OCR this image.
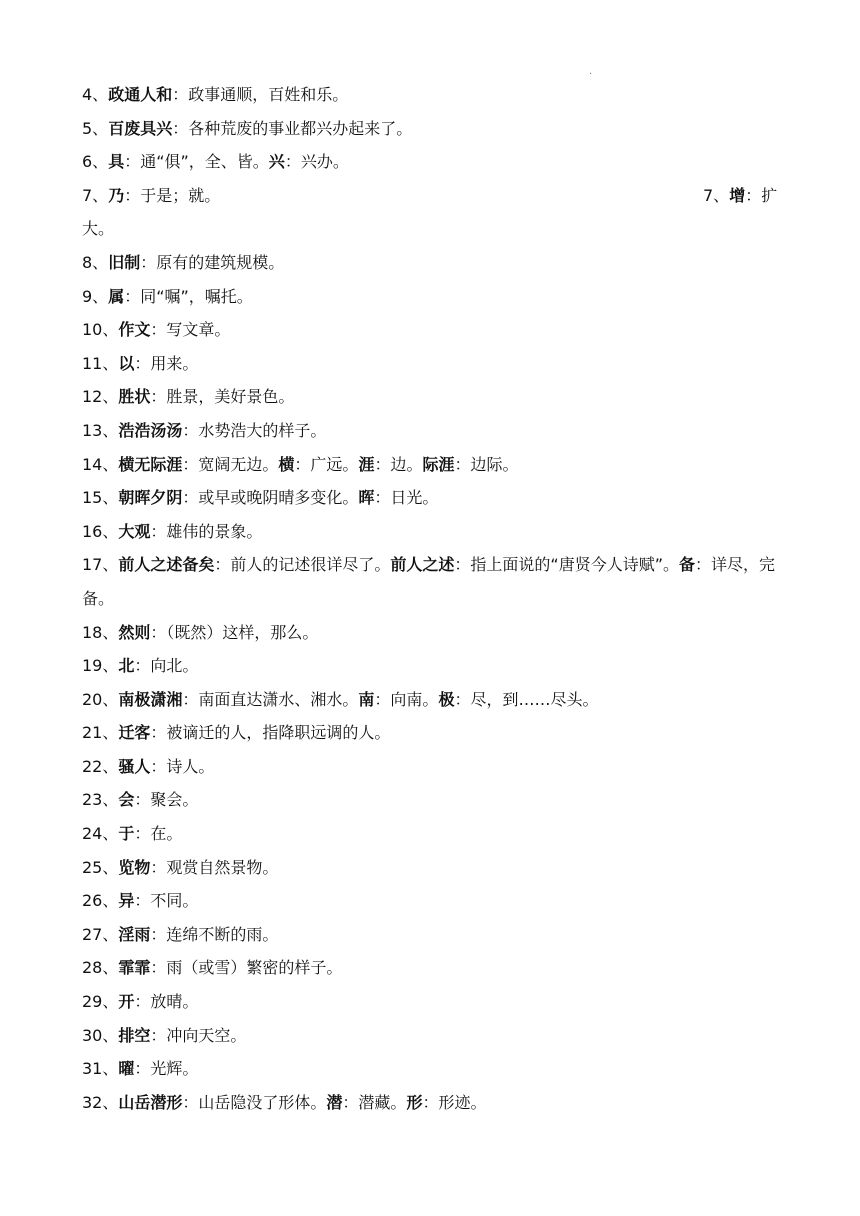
·
4、政通人和：政事通顺，百姓和乐。
5、百废具兴：各种荒废的事业都兴办起来了。
6、具：通“俱”，全、皆。兴：兴办。
7、乃：于是；就。	7、增：扩
大。
8、旧制：原有的建筑规模。
9、属：同“嘱”，嘱托。
10、作文：写文章。
11、以：用来。
12、胜状：胜景，美好景色。
13、浩浩汤汤：水势浩大的样子。
14、横无际涯：宽阔无边。横：广远。涯：边。际涯：边际。
15、朝晖夕阴：或早或晚阴晴多变化。晖：日光。
16、大观：雄伟的景象。
17、前人之述备矣：前人的记述很详尽了。前人之述：指上面说的“唐贤今人诗赋”。备：详尽，完备。
18、然则：（既然）这样，那么。
19、北：向北。
20、南极潇湘：南面直达潇水、湘水。南：向南。极：尽，到……尽头。
21、迁客：被谪迁的人，指降职远调的人。
22、骚人：诗人。
23、会：聚会。
24、于：在。
25、览物：观赏自然景物。
26、异：不同。
27、淫雨：连绵不断的雨。
28、霏霏：雨（或雪）繁密的样子。
29、开：放晴。
30、排空：冲向天空。
31、曜：光辉。
32、山岳潜形：山岳隐没了形体。潜：潜藏。形：形迹。
